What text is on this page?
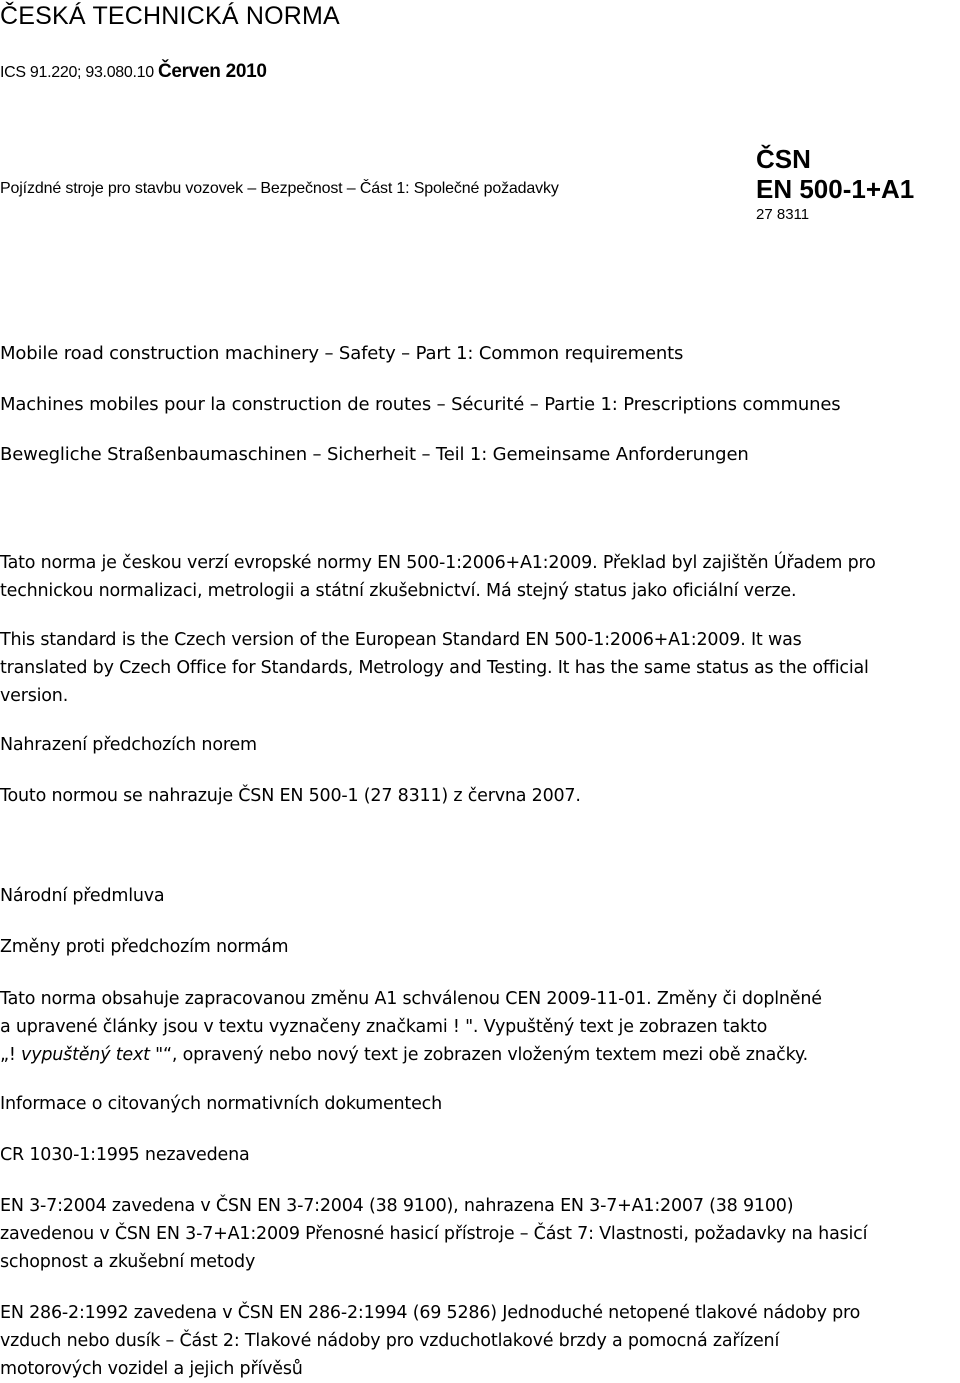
ČESKÁ TECHNICKÁ NORMA
ICS 91.220; 93.080.10 Červen 2010
Pojízdné stroje pro stavbu vozovek – Bezpečnost – Část 1: Společné požadavky
ČSN
EN 500-1+A1
27 8311
Mobile road construction machinery – Safety – Part 1: Common requirements
Machines mobiles pour la construction de routes – Sécurité – Partie 1: Prescriptions communes
Bewegliche Straßenbaumaschinen – Sicherheit – Teil 1: Gemeinsame Anforderungen
Tato norma je českou verzí evropské normy EN 500-1:2006+A1:2009. Překlad byl zajištěn Úřadem pro
technickou normalizaci, metrologii a státní zkušebnictví. Má stejný status jako oficiální verze.
This standard is the Czech version of the European Standard EN 500-1:2006+A1:2009. It was
translated by Czech Office for Standards, Metrology and Testing. It has the same status as the official
version.
Nahrazení předchozích norem
Touto normou se nahrazuje ČSN EN 500-1 (27 8311) z června 2007.
Národní předmluva
Změny proti předchozím normám
Tato norma obsahuje zapracovanou změnu A1 schválenou CEN 2009-11-01. Změny či doplněné
a upravené články jsou v textu vyznačeny značkami ! ". Vypuštěný text je zobrazen takto
„! vypuštěný text "“, opravený nebo nový text je zobrazen vloženým textem mezi obě značky.
Informace o citovaných normativních dokumentech
CR 1030-1:1995 nezavedena
EN 3-7:2004 zavedena v ČSN EN 3-7:2004 (38 9100), nahrazena EN 3-7+A1:2007 (38 9100)
zavedenou v ČSN EN 3-7+A1:2009 Přenosné hasicí přístroje – Část 7: Vlastnosti, požadavky na hasicí
schopnost a zkušební metody
EN 286-2:1992 zavedena v ČSN EN 286-2:1994 (69 5286) Jednoduché netopené tlakové nádoby pro
vzduch nebo dusík – Část 2: Tlakové nádoby pro vzduchotlakové brzdy a pomocná zařízení
motorových vozidel a jejich přívěsů
